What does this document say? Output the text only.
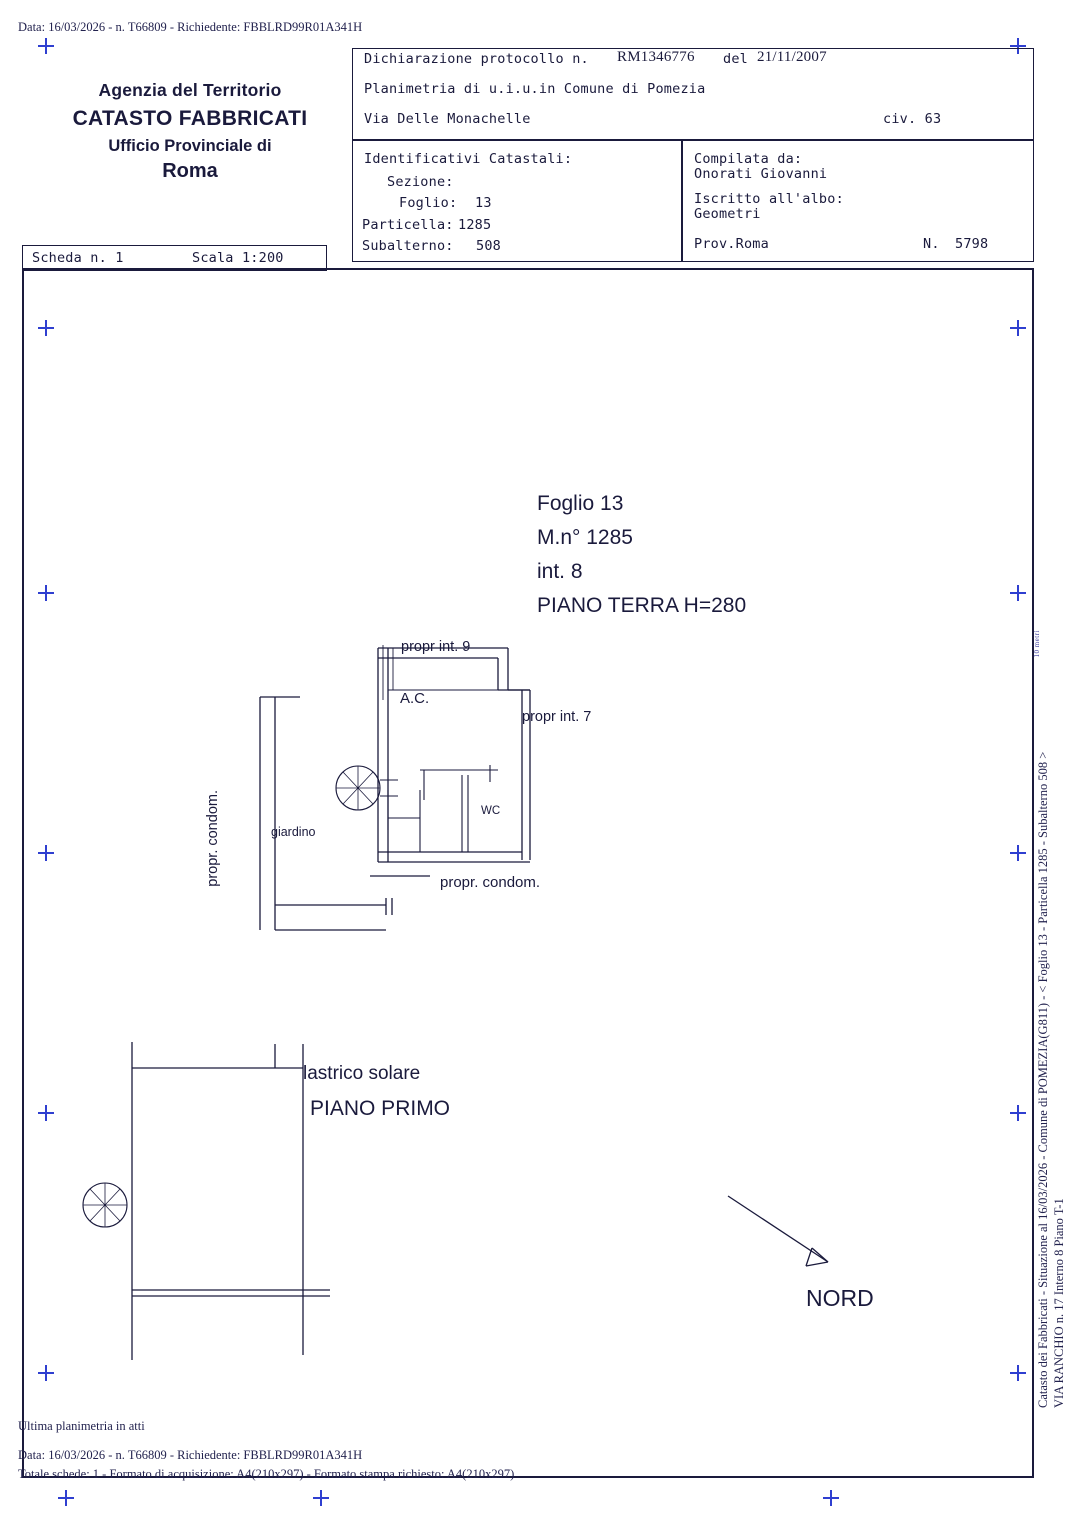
Data: 16/03/2026 - n. T66809 - Richiedente: FBBLRD99R01A341H
Agenzia del Territorio
CATASTO FABBRICATI
Ufficio Provinciale di
Roma
Dichiarazione protocollo n. RM1346776 del 21/11/2007
Planimetria di u.i.u.in Comune di Pomezia
Via Delle Monachelle	civ. 63
Identificativi Catastali:
Sezione:
Foglio: 13
Particella: 1285
Subalterno: 508
Compilata da:
Onorati Giovanni
Iscritto all'albo:
Geometri
Prov.Roma	N. 5798
Scheda n. 1	Scala 1:200
Foglio 13
M.n° 1285
int. 8
PIANO TERRA H=280
propr int. 9
A.C.
propr int. 7
WC
giardino
propr. condom.
propr. condom.
lastrico solare
PIANO PRIMO
NORD	Catasto dei Fabbricati - Situazione al 16/03/2026 - Comune di POMEZIA(G811) - < Foglio 13 - Particella 1285 - Subalterno 508 > VIA RANCHIO n. 17 Interno 8 Piano T-1
10 metri
Ultima planimetria in atti
Data: 16/03/2026 - n. T66809 - Richiedente: FBBLRD99R01A341H
Totale schede: 1 - Formato di acquisizione: A4(210x297) - Formato stampa richiesto: A4(210x297)
